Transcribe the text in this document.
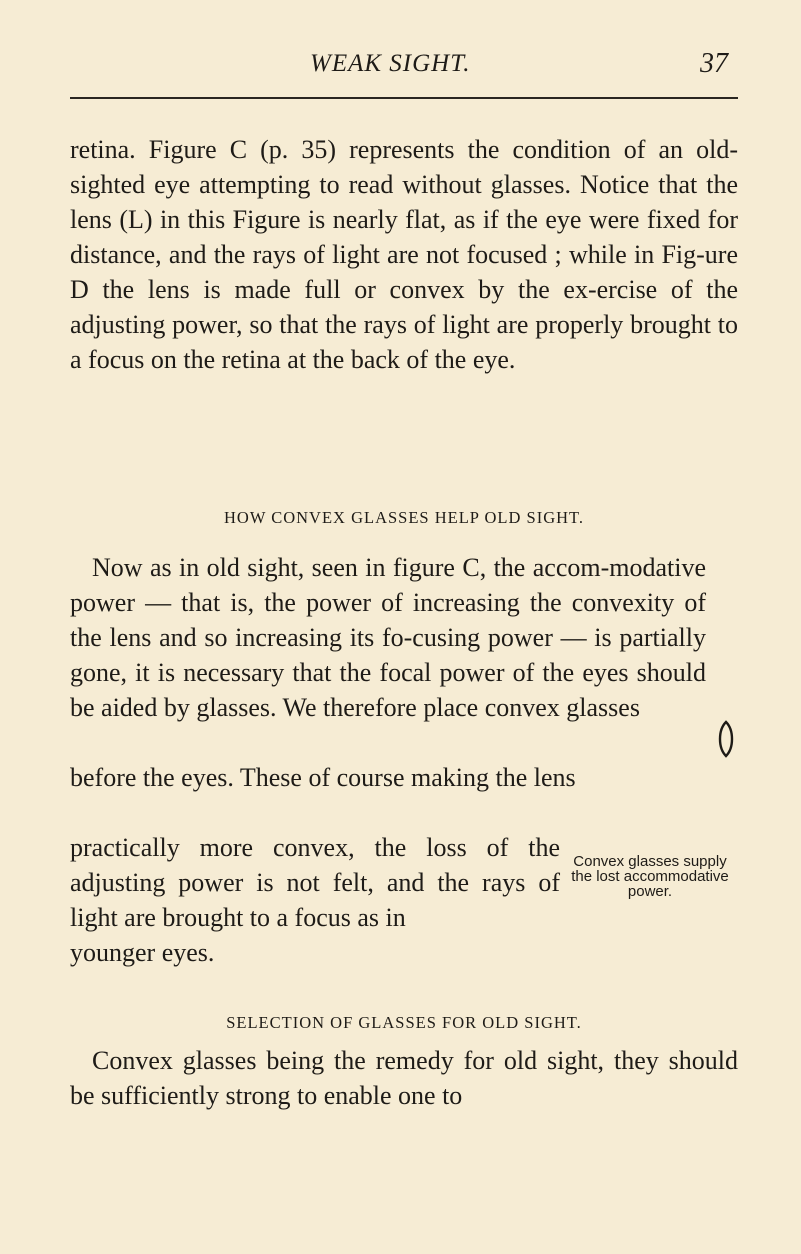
WEAK SIGHT.	37

retina. Figure C (p. 35) represents the condition of an old-sighted eye attempting to read without glasses. Notice that the lens (L) in this Figure is nearly flat, as if the eye were fixed for distance, and the rays of light are not focused ; while in Fig-ure D the lens is made full or convex by the ex-ercise of the adjusting power, so that the rays of light are properly brought to a focus on the retina at the back of the eye.

HOW CONVEX GLASSES HELP OLD SIGHT.

Now as in old sight, seen in figure C, the accom-modative power — that is, the power of increasing the convexity of the lens and so increasing its fo-cusing power — is partially gone, it is necessary that the focal power of the eyes should be aided by glasses. We therefore place convex glasses

before the eyes. These of course making the lens

practically more convex, the loss of the adjusting power is not felt, and the rays of light are brought to a focus as in
younger eyes.

Convex glasses supply the lost accommodative power.

SELECTION OF GLASSES FOR OLD SIGHT.

Convex glasses being the remedy for old sight, they should be sufficiently strong to enable one to
